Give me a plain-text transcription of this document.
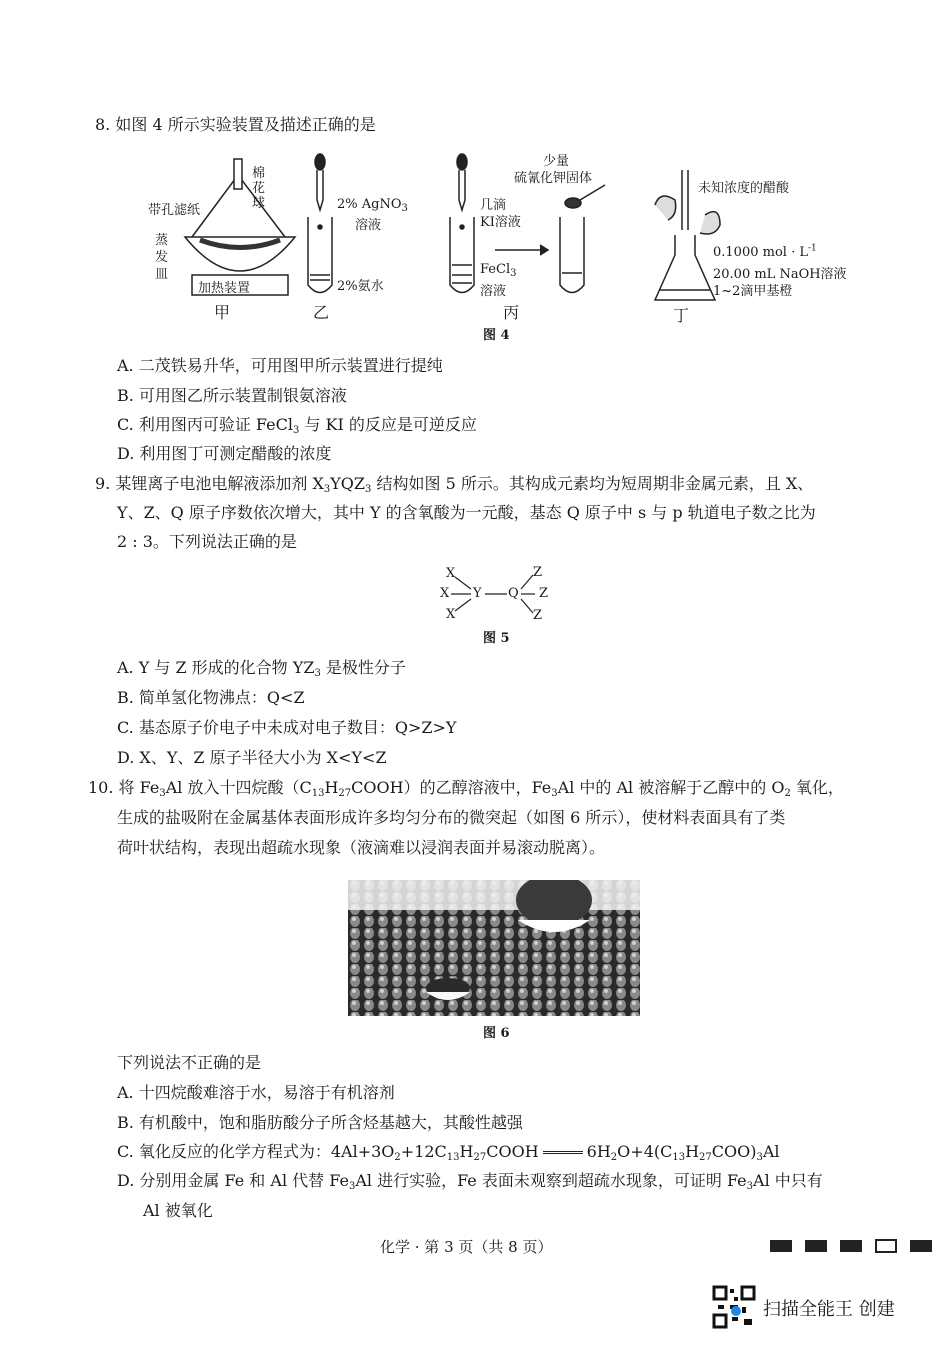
8. 如图 4 所示实验装置及描述正确的是
带孔滤纸
棉
花
球
蒸
发
皿
加热装置
甲
2% AgNO$_3$
溶液
2%氨水
乙
几滴
KI溶液
FeCl$_3$
溶液
少量
硫氰化钾固体
丙
未知浓度的醋酸
0.1000 mol · $L^{-1}$
20.00 mL NaOH溶液
1~2滴甲基橙
丁
图 4
A. 二茂铁易升华，可用图甲所示装置进行提纯
B. 可用图乙所示装置制银氨溶液
C. 利用图丙可验证 FeCl$_3$ 与 KI 的反应是可逆反应
D. 利用图丁可测定醋酸的浓度
9. 某锂离子电池电解液添加剂 $X_3YQZ_3$ 结构如图 5 所示。其构成元素均为短周期非金属元素，且 X、
Y、Z、Q 原子序数依次增大，其中 Y 的含氧酸为一元酸，基态 Q 原子中 s 与 p 轨道电子数之比为
2 : 3。下列说法正确的是
X
X
X
Y Q
Z
Z
Z
图 5
A. Y 与 Z 形成的化合物 $YZ_3$ 是极性分子
B. 简单氢化物沸点：Q<Z
C. 基态原子价电子中未成对电子数目：Q>Z>Y
D. X、Y、Z 原子半径大小为 X<Y<Z
10. 将 $Fe_3Al$ 放入十四烷酸$(C_{13}H_{27}COOH)$的乙醇溶液中，$Fe_3Al$ 中的 Al 被溶解于乙醇中的 $O_2$ 氧化，
生成的盐吸附在金属基体表面形成许多均匀分布的微突起（如图 6 所示），使材料表面具有了类
荷叶状结构，表现出超疏水现象（液滴难以浸润表面并易滚动脱离）。
图 6
下列说法不正确的是
A. 十四烷酸难溶于水，易溶于有机溶剂
B. 有机酸中，饱和脂肪酸分子所含烃基越大，其酸性越强
C. 氧化反应的化学方程式为：$4Al+3O_2+12C_{13}H_{27}COOH$	$6H_2O+4(C_{13}H_{27}COO)_3Al$
D. 分别用金属 Fe 和 Al 代替 $Fe_3Al$ 进行实验，Fe 表面未观察到超疏水现象，可证明 $Fe_3Al$ 中只有
Al 被氧化
化学 · 第 3 页（共 8 页）
扫描全能王 创建
